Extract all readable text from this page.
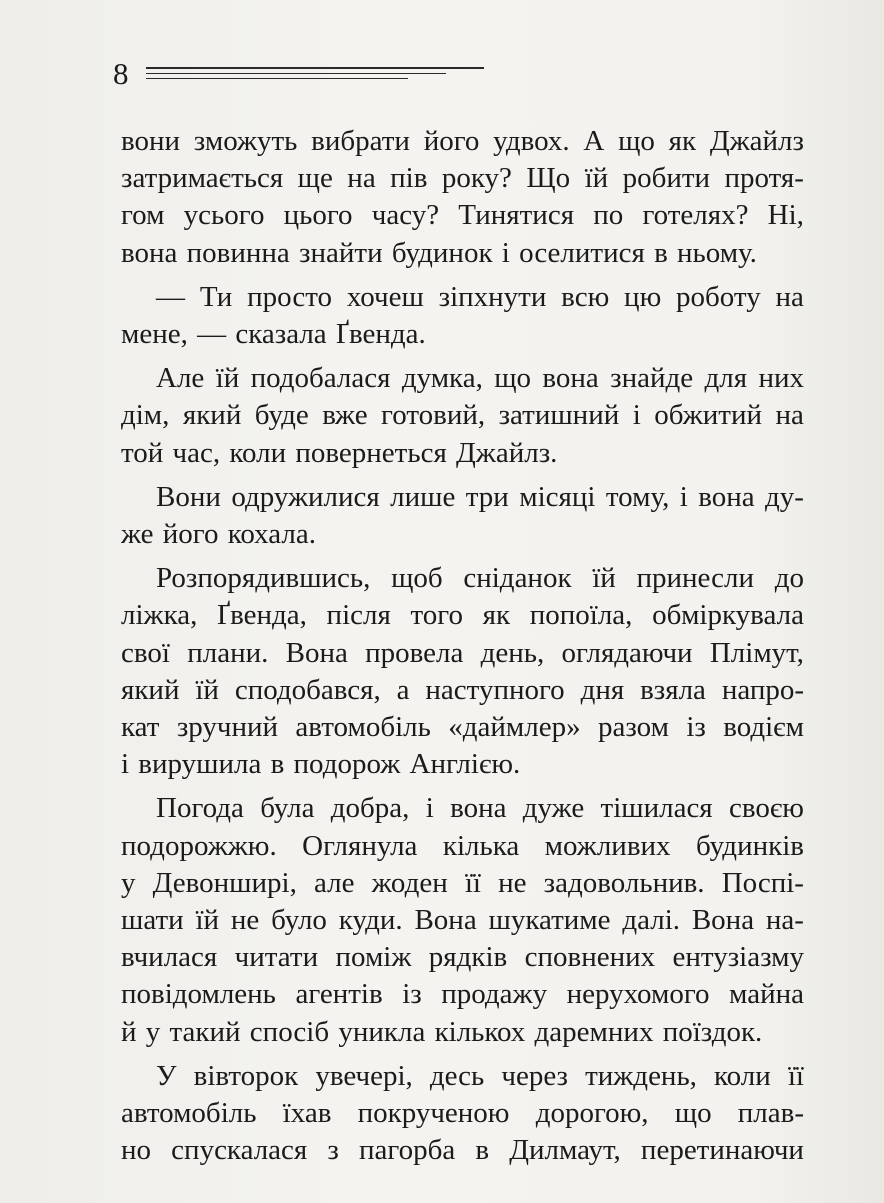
8
вони зможуть вибрати його удвох. А що як Джайлз
затримається ще на пів року? Що їй робити протя-
гом усього цього часу? Тинятися по готелях? Ні,
вона повинна знайти будинок і оселитися в ньому.
— Ти просто хочеш зіпхнути всю цю роботу на
мене, — сказала Ґвенда.
Але їй подобалася думка, що вона знайде для них
дім, який буде вже готовий, затишний і обжитий на
той час, коли повернеться Джайлз.
Вони одружилися лише три місяці тому, і вона ду-
же його кохала.
Розпорядившись, щоб сніданок їй принесли до
ліжка, Ґвенда, після того як попоїла, обміркувала
свої плани. Вона провела день, оглядаючи Плімут,
який їй сподобався, а наступного дня взяла напро-
кат зручний автомобіль «даймлер» разом із водієм
і вирушила в подорож Англією.
Погода була добра, і вона дуже тішилася своєю
подорожжю. Оглянула кілька можливих будинків
у Девонширі, але жоден її не задовольнив. Поспі-
шати їй не було куди. Вона шукатиме далі. Вона на-
вчилася читати поміж рядків сповнених ентузіазму
повідомлень агентів із продажу нерухомого майна
й у такий спосіб уникла кількох даремних поїздок.
У вівторок увечері, десь через тиждень, коли її
автомобіль їхав покрученою дорогою, що плав-
но спускалася з пагорба в Дилмаут, перетинаючи
